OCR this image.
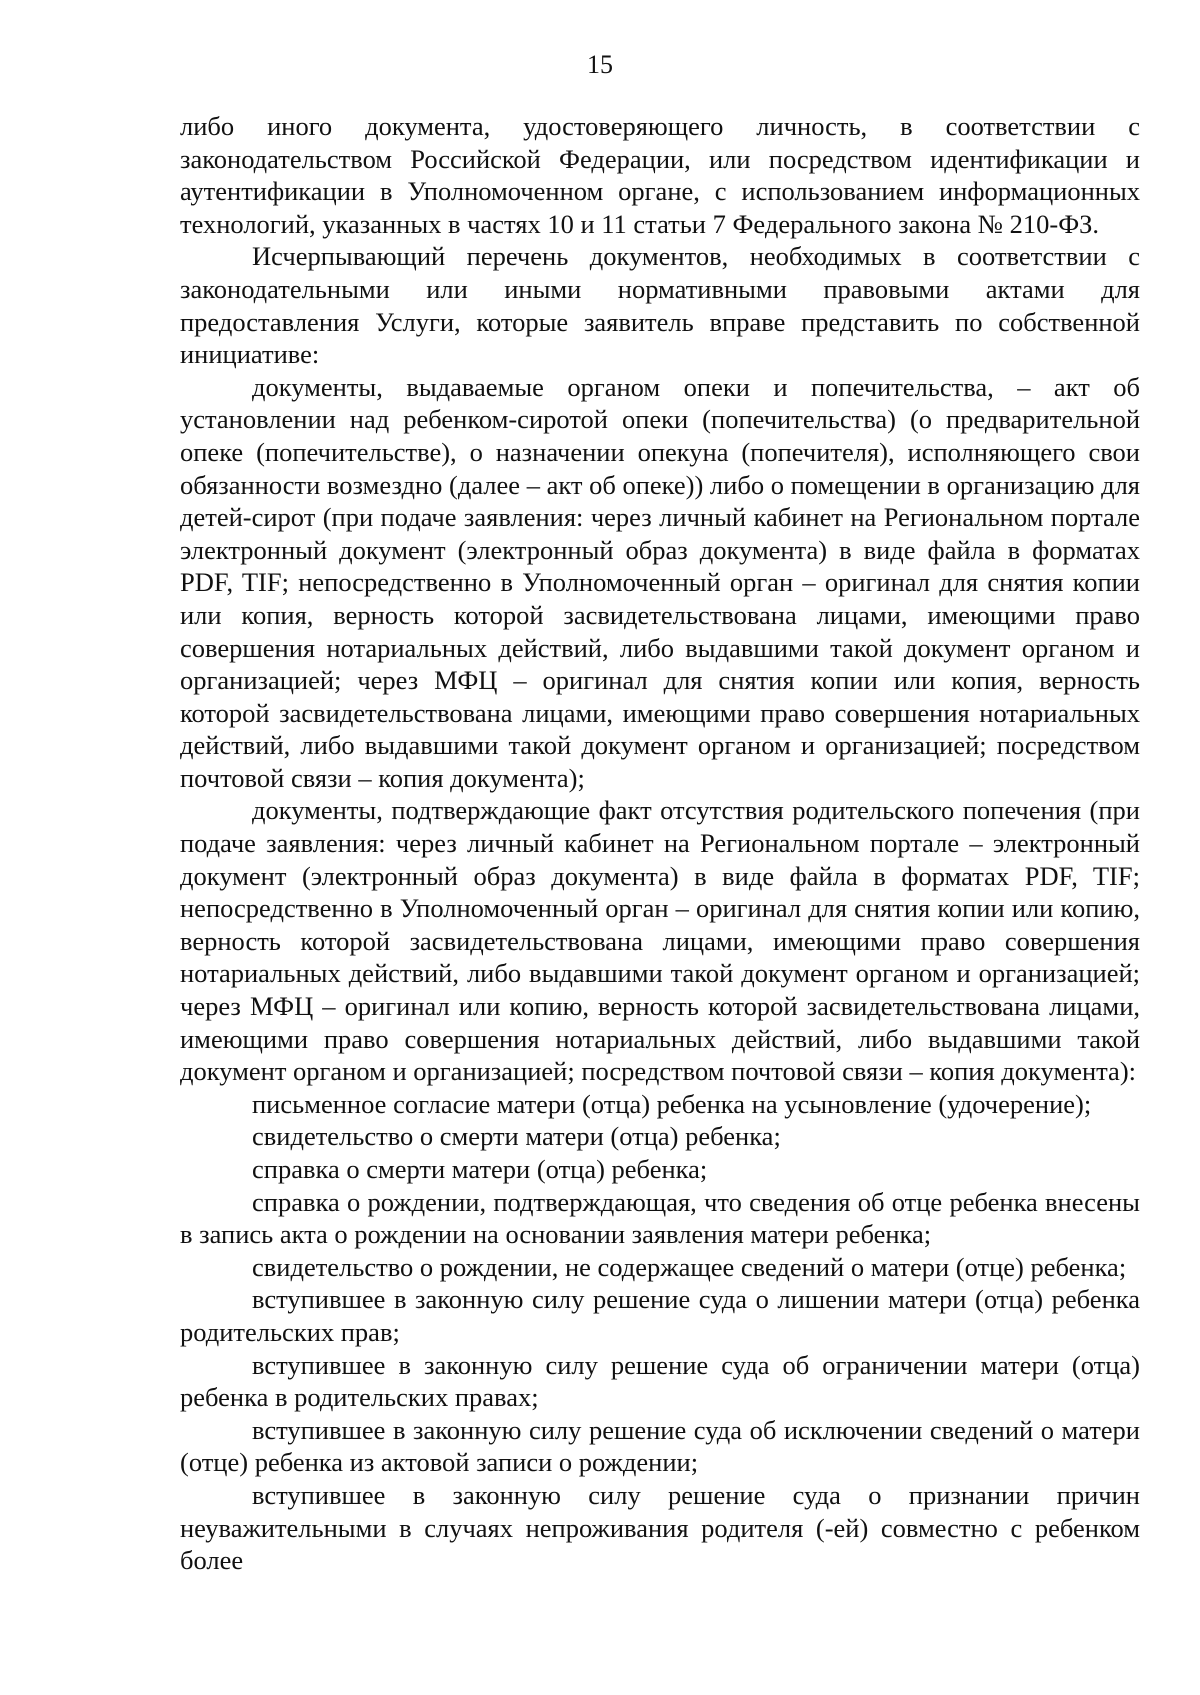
15

либо иного документа, удостоверяющего личность, в соответствии с законодательством Российской Федерации, или посредством идентификации и аутентификации в Уполномоченном органе, с использованием информационных технологий, указанных в частях 10 и 11 статьи 7 Федерального закона № 210-ФЗ.

Исчерпывающий перечень документов, необходимых в соответствии с законодательными или иными нормативными правовыми актами для предоставления Услуги, которые заявитель вправе представить по собственной инициативе:

документы, выдаваемые органом опеки и попечительства, – акт об установлении над ребенком-сиротой опеки (попечительства) (о предварительной опеке (попечительстве), о назначении опекуна (попечителя), исполняющего свои обязанности возмездно (далее – акт об опеке)) либо о помещении в организацию для детей-сирот (при подаче заявления: через личный кабинет на Региональном портале электронный документ (электронный образ документа) в виде файла в форматах PDF, TIF; непосредственно в Уполномоченный орган – оригинал для снятия копии или копия, верность которой засвидетельствована лицами, имеющими право совершения нотариальных действий, либо выдавшими такой документ органом и организацией; через МФЦ – оригинал для снятия копии или копия, верность которой засвидетельствована лицами, имеющими право совершения нотариальных действий, либо выдавшими такой документ органом и организацией; посредством почтовой связи – копия документа);

документы, подтверждающие факт отсутствия родительского попечения (при подаче заявления: через личный кабинет на Региональном портале – электронный документ (электронный образ документа) в виде файла в форматах PDF, TIF; непосредственно в Уполномоченный орган – оригинал для снятия копии или копию, верность которой засвидетельствована лицами, имеющими право совершения нотариальных действий, либо выдавшими такой документ органом и организацией; через МФЦ – оригинал или копию, верность которой засвидетельствована лицами, имеющими право совершения нотариальных действий, либо выдавшими такой документ органом и организацией; посредством почтовой связи – копия документа):

письменное согласие матери (отца) ребенка на усыновление (удочерение);

свидетельство о смерти матери (отца) ребенка;

справка о смерти матери (отца) ребенка;

справка о рождении, подтверждающая, что сведения об отце ребенка внесены в запись акта о рождении на основании заявления матери ребенка;

свидетельство о рождении, не содержащее сведений о матери (отце) ребенка;

вступившее в законную силу решение суда о лишении матери (отца) ребенка родительских прав;

вступившее в законную силу решение суда об ограничении матери (отца) ребенка в родительских правах;

вступившее в законную силу решение суда об исключении сведений о матери (отце) ребенка из актовой записи о рождении;

вступившее в законную силу решение суда о признании причин неуважительными в случаях непроживания родителя (-ей) совместно с ребенком более
